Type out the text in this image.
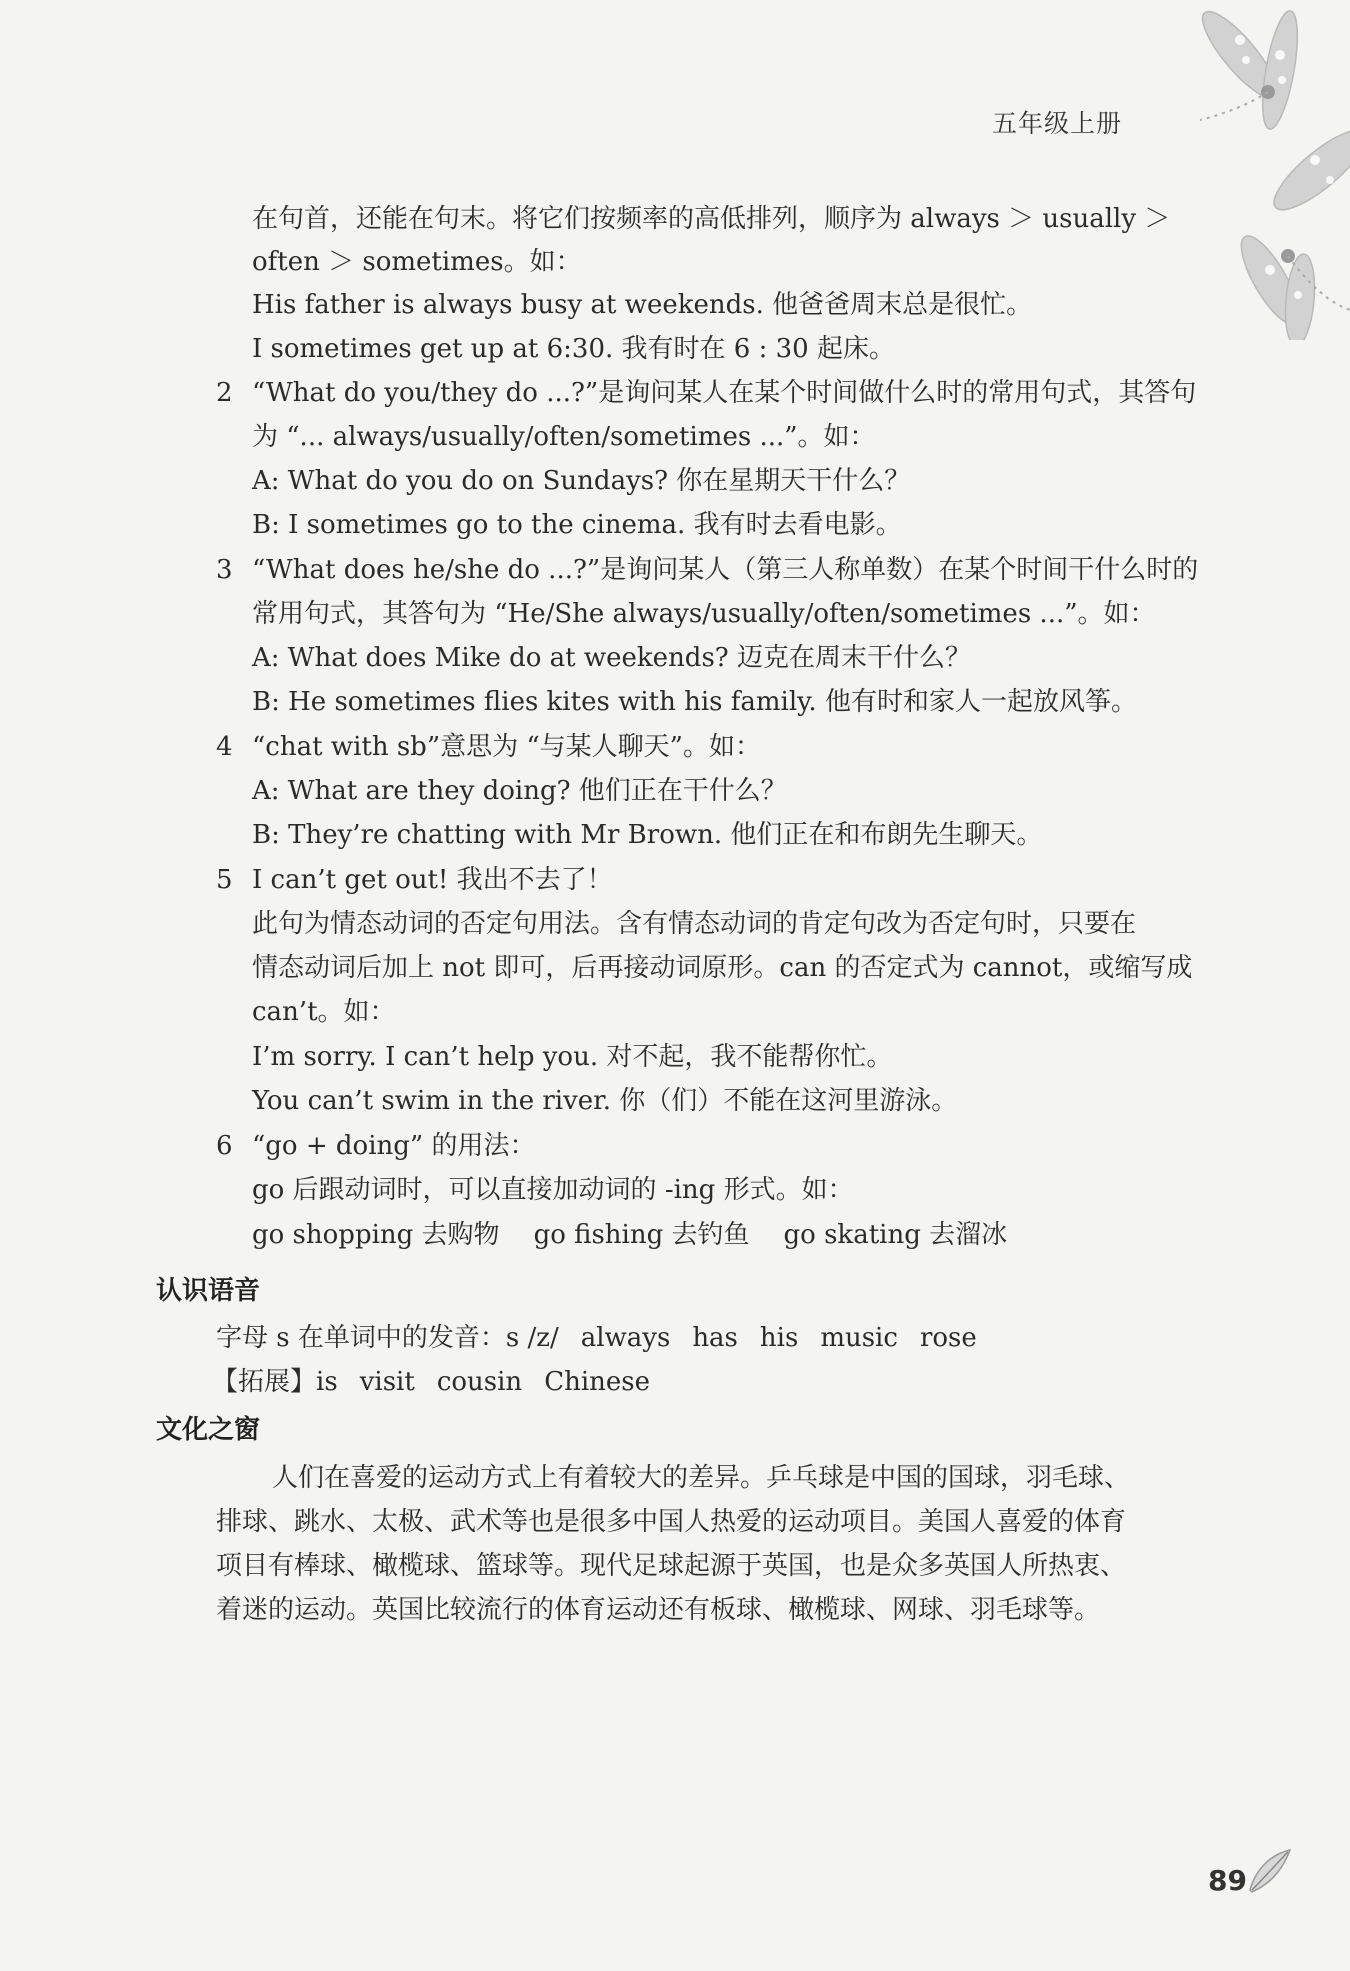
五年级上册
在句首，还能在句末。将它们按频率的高低排列，顺序为 always ＞ usually ＞
often ＞ sometimes。如：
His father is always busy at weekends. 他爸爸周末总是很忙。
I sometimes get up at 6:30. 我有时在 6 : 30 起床。
2 “What do you/they do ...?”是询问某人在某个时间做什么时的常用句式，其答句
为 “... always/usually/often/sometimes ...”。如：
A: What do you do on Sundays? 你在星期天干什么？
B: I sometimes go to the cinema. 我有时去看电影。
3 “What does he/she do ...?”是询问某人（第三人称单数）在某个时间干什么时的
常用句式，其答句为 “He/She always/usually/often/sometimes ...”。如：
A: What does Mike do at weekends? 迈克在周末干什么？
B: He sometimes flies kites with his family. 他有时和家人一起放风筝。
4 “chat with sb”意思为 “与某人聊天”。如：
A: What are they doing? 他们正在干什么？
B: They’re chatting with Mr Brown. 他们正在和布朗先生聊天。
5 I can’t get out! 我出不去了！
此句为情态动词的否定句用法。含有情态动词的肯定句改为否定句时，只要在
情态动词后加上 not 即可，后再接动词原形。can 的否定式为 cannot，或缩写成
can’t。如：
I’m sorry. I can’t help you. 对不起，我不能帮你忙。
You can’t swim in the river. 你（们）不能在这河里游泳。
6 “go + doing” 的用法：
go 后跟动词时，可以直接加动词的 -ing 形式。如：
go shopping 去购物 go fishing 去钓鱼 go skating 去溜冰
认识语音
字母 s 在单词中的发音：s /z/ always has his music rose
【拓展】is visit cousin Chinese
文化之窗
人们在喜爱的运动方式上有着较大的差异。乒乓球是中国的国球，羽毛球、
排球、跳水、太极、武术等也是很多中国人热爱的运动项目。美国人喜爱的体育
项目有棒球、橄榄球、篮球等。现代足球起源于英国，也是众多英国人所热衷、
着迷的运动。英国比较流行的体育运动还有板球、橄榄球、网球、羽毛球等。
89
